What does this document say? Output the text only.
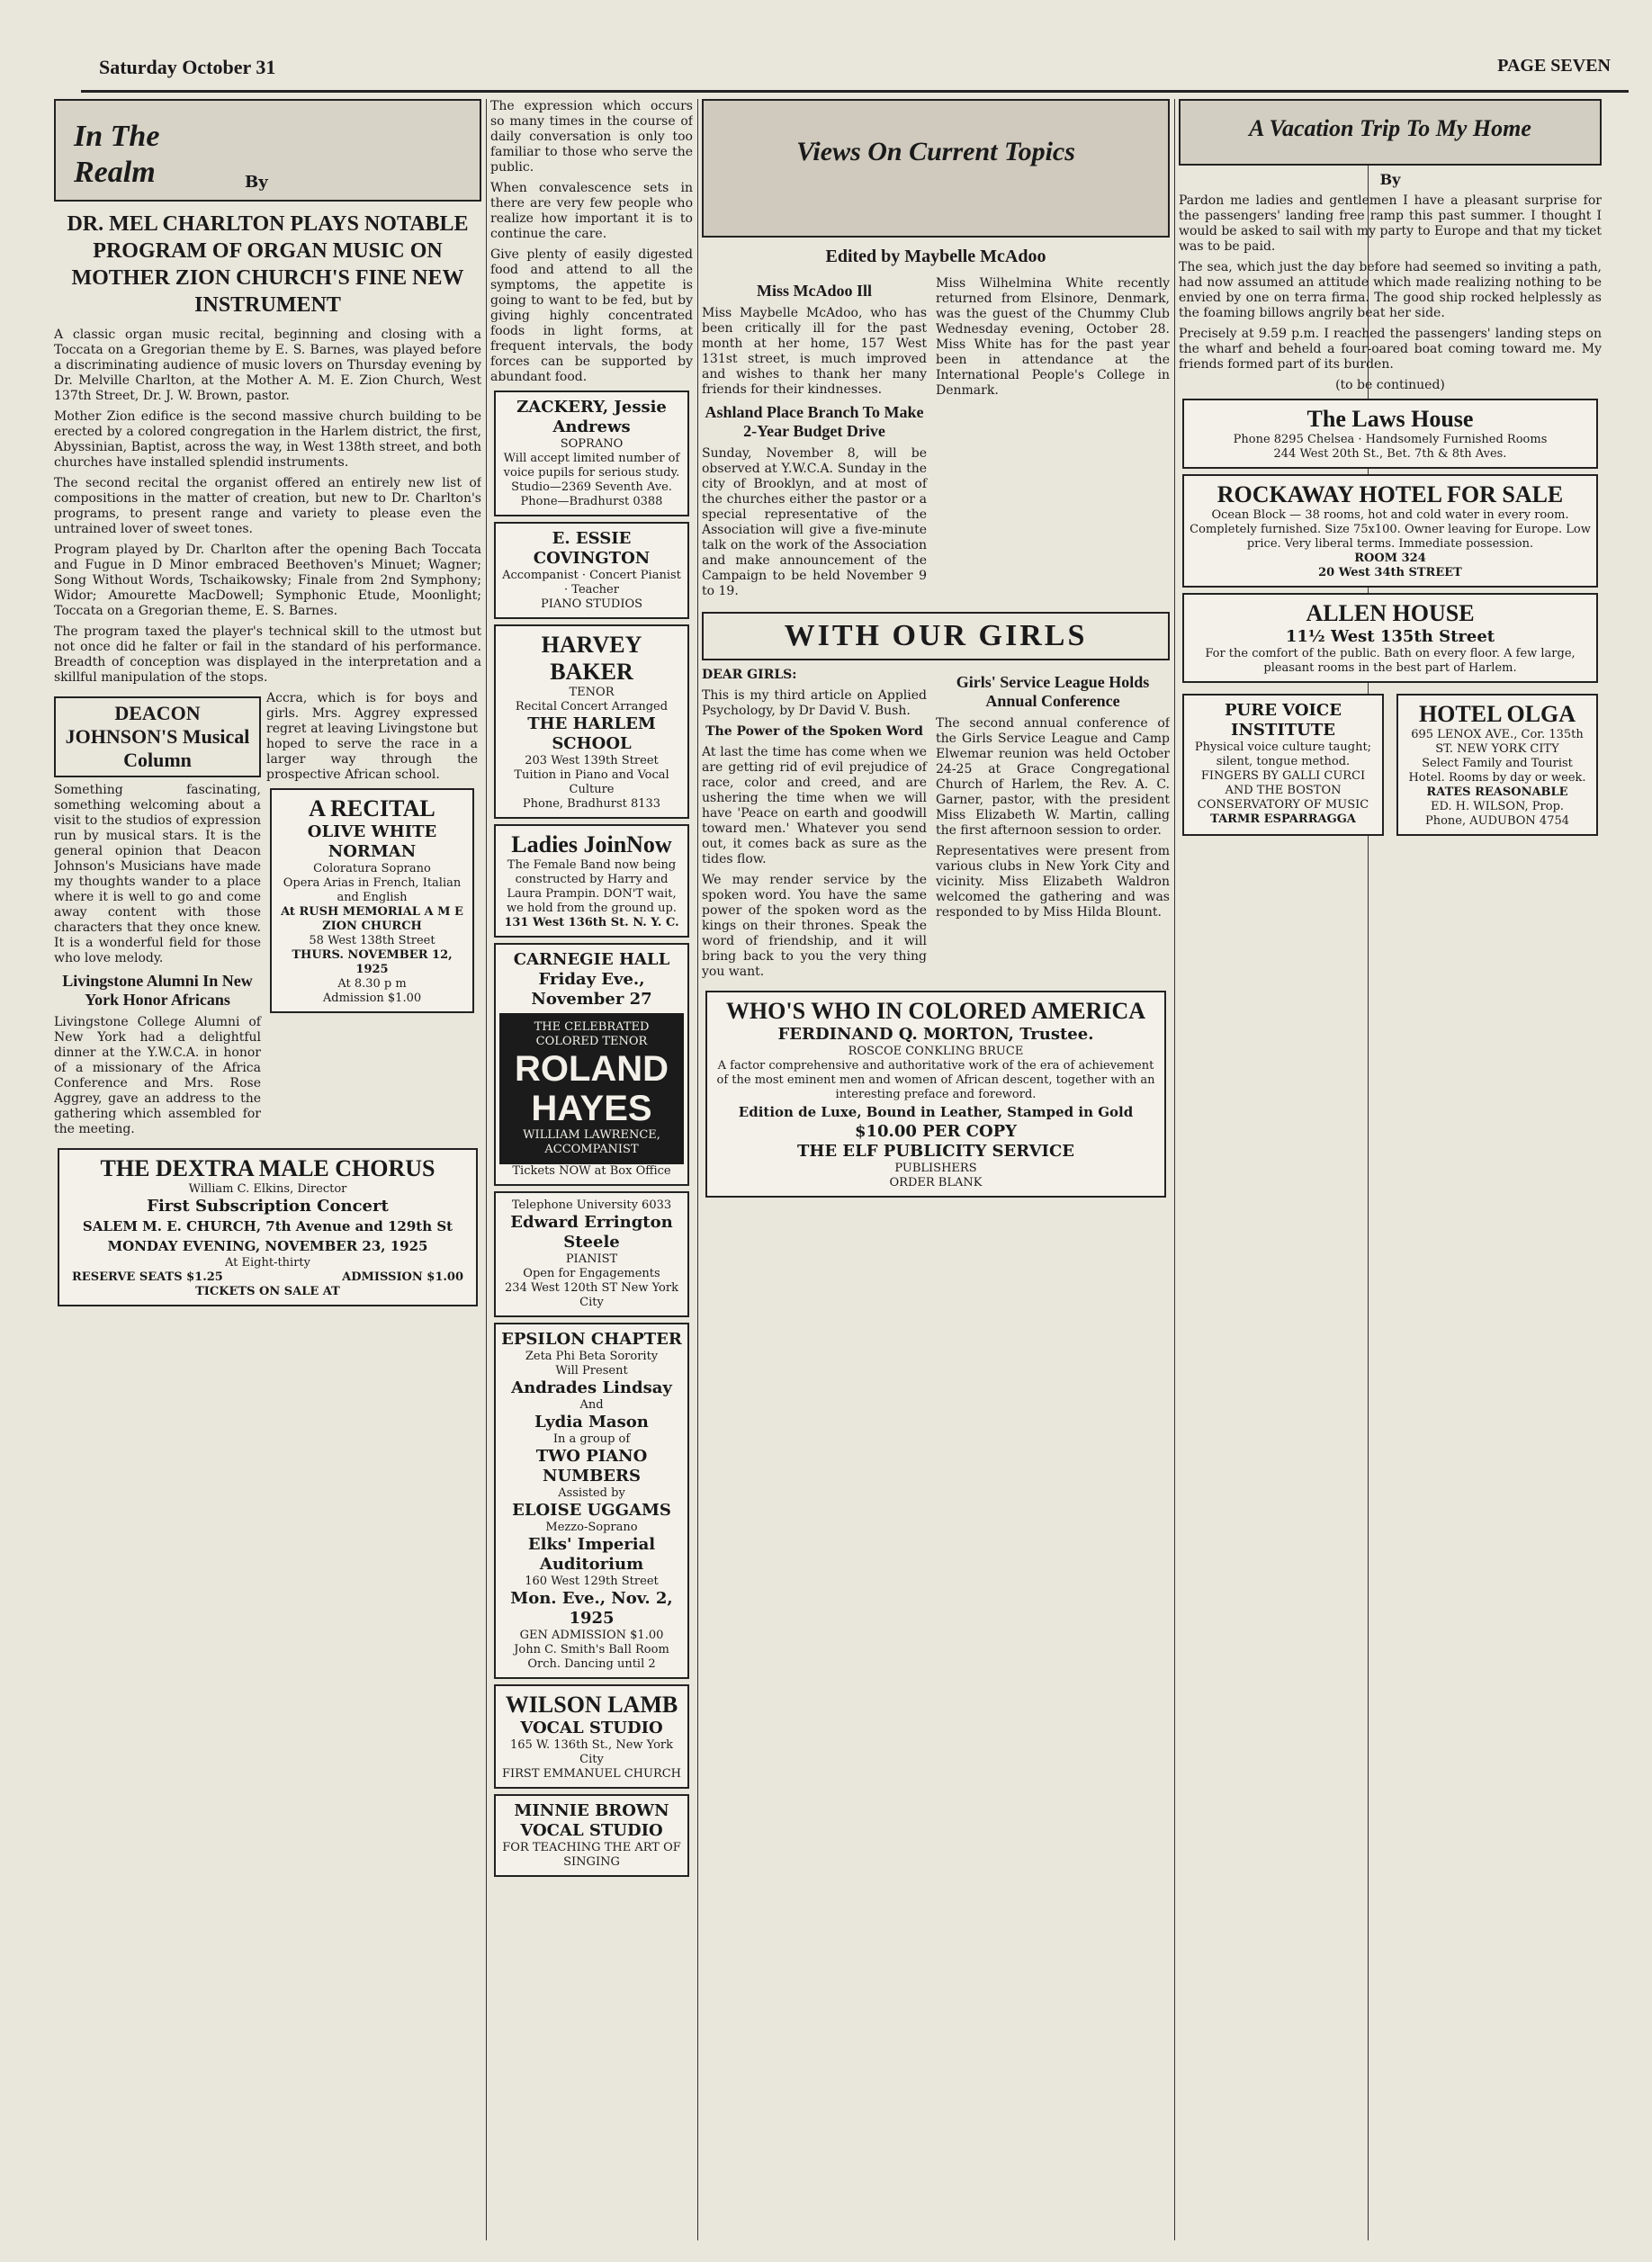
Saturday October 31	PAGE SEVEN
In The Realm	By
DR. MEL CHARLTON PLAYS NOTABLE PROGRAM OF ORGAN MUSIC ON MOTHER ZION CHURCH'S FINE NEW INSTRUMENT

A classic organ music recital, beginning and closing with a Toccata on a Gregorian theme by E. S. Barnes, was played before a discriminating audience of music lovers on Thursday evening by Dr. Melville Charlton, at the Mother A. M. E. Zion Church, West 137th Street, Dr. J. W. Brown, pastor.

Mother Zion edifice is the second massive church building to be erected by a colored congregation in the Harlem district, the first, Abyssinian, Baptist, across the way, in West 138th street, and both churches have installed splendid instruments.

The second recital the organist offered an entirely new list of compositions in the matter of creation, but new to Dr. Charlton's programs, to present range and variety to please even the untrained lover of sweet tones.

Program played by Dr. Charlton after the opening Bach Toccata and Fugue in D Minor embraced Beethoven's Minuet; Wagner; Song Without Words, Tschaikowsky; Finale from 2nd Symphony; Widor; Amourette MacDowell; Symphonic Etude, Moonlight; Toccata on a Gregorian theme, E. S. Barnes.

The program taxed the player's technical skill to the utmost but not once did he falter or fail in the standard of his performance. Breadth of conception was displayed in the interpretation and a skillful manipulation of the stops.

DEACON JOHNSON'S Musical Column

Something fascinating, something welcoming about a visit to the studios of expression run by musical stars. It is the general opinion that Deacon Johnson's Musicians have made my thoughts wander to a place where it is well to go and come away content with those characters that they once knew. It is a wonderful field for those who love melody.

Livingstone Alumni In New York Honor Africans

Livingstone College Alumni of New York had a delightful dinner at the Y.W.C.A. in honor of a missionary of the Africa Conference and Mrs. Rose Aggrey, gave an address to the gathering which assembled for the meeting.

Accra, which is for boys and girls. Mrs. Aggrey expressed regret at leaving Livingstone but hoped to serve the race in a larger way through the prospective African school.

A RECITAL
OLIVE WHITE NORMAN
Coloratura Soprano
Opera Arias in French, Italian and English
At RUSH MEMORIAL A M E ZION CHURCH
58 West 138th Street
THURS. NOVEMBER 12, 1925
At 8.30 p m
Admission $1.00
THE DEXTRA MALE CHORUS
William C. Elkins, Director
First Subscription Concert
SALEM M. E. CHURCH, 7th Avenue and 129th St
MONDAY EVENING, NOVEMBER 23, 1925
At Eight-thirty
RESERVE SEATS $1.25	ADMISSION $1.00
TICKETS ON SALE AT

The expression which occurs so many times in the course of daily conversation is only too familiar to those who serve the public.

When convalescence sets in there are very few people who realize how important it is to continue the care.

Give plenty of easily digested food and attend to all the symptoms, the appetite is going to want to be fed, but by giving highly concentrated foods in light forms, at frequent intervals, the body forces can be supported by abundant food.

ZACKERY, Jessie Andrews
SOPRANO
Will accept limited number of voice pupils for serious study.
Studio—2369 Seventh Ave.
Phone—Bradhurst 0388
E. ESSIE COVINGTON
Accompanist · Concert Pianist · Teacher
PIANO STUDIOS
HARVEY BAKER
TENOR
Recital Concert Arranged
THE HARLEM SCHOOL
203 West 139th Street
Tuition in Piano and Vocal Culture
Phone, Bradhurst 8133
Ladies JoinNow
The Female Band now being constructed by Harry and Laura Prampin. DON'T wait, we hold from the ground up.
131 West 136th St. N. Y. C.
CARNEGIE HALL
Friday Eve., November 27
THE CELEBRATED COLORED TENOR
ROLAND
HAYES
WILLIAM LAWRENCE, ACCOMPANIST
Tickets NOW at Box Office
Telephone University 6033
Edward Errington Steele
PIANIST
Open for Engagements
234 West 120th ST New York City
EPSILON CHAPTER
Zeta Phi Beta Sorority
Will Present
Andrades Lindsay
And
Lydia Mason
In a group of
TWO PIANO NUMBERS
Assisted by
ELOISE UGGAMS
Mezzo-Soprano
Elks' Imperial Auditorium
160 West 129th Street
Mon. Eve., Nov. 2, 1925
GEN ADMISSION $1.00
John C. Smith's Ball Room Orch. Dancing until 2
WILSON LAMB
VOCAL STUDIO
165 W. 136th St., New York City
FIRST EMMANUEL CHURCH
MINNIE BROWN
VOCAL STUDIO
FOR TEACHING THE ART OF SINGING
Views On Current Topics
Edited by Maybelle McAdoo
Miss McAdoo Ill

Miss Maybelle McAdoo, who has been critically ill for the past month at her home, 157 West 131st street, is much improved and wishes to thank her many friends for their kindnesses.

Ashland Place Branch To Make 2-Year Budget Drive

Sunday, November 8, will be observed at Y.W.C.A. Sunday in the city of Brooklyn, and at most of the churches either the pastor or a special representative of the Association will give a five-minute talk on the work of the Association and make announcement of the Campaign to be held November 9 to 19.

Miss Wilhelmina White recently returned from Elsinore, Denmark, was the guest of the Chummy Club Wednesday evening, October 28. Miss White has for the past year been in attendance at the International People's College in Denmark.

WITH OUR GIRLS

DEAR GIRLS:

This is my third article on Applied Psychology, by Dr David V. Bush.

The Power of the Spoken Word

At last the time has come when we are getting rid of evil prejudice of race, color and creed, and are ushering the time when we will have 'Peace on earth and goodwill toward men.' Whatever you send out, it comes back as sure as the tides flow.

We may render service by the spoken word. You have the same power of the spoken word as the kings on their thrones. Speak the word of friendship, and it will bring back to you the very thing you want.

Girls' Service League Holds Annual Conference

The second annual conference of the Girls Service League and Camp Elwemar reunion was held October 24-25 at Grace Congregational Church of Harlem, the Rev. A. C. Garner, pastor, with the president Miss Elizabeth W. Martin, calling the first afternoon session to order.

Representatives were present from various clubs in New York City and vicinity. Miss Elizabeth Waldron welcomed the gathering and was responded to by Miss Hilda Blount.

WHO'S WHO IN COLORED AMERICA
FERDINAND Q. MORTON, Trustee.
ROSCOE CONKLING BRUCE
A factor comprehensive and authoritative work of the era of achievement of the most eminent men and women of African descent, together with an interesting preface and foreword.
Edition de Luxe, Bound in Leather, Stamped in Gold
$10.00 PER COPY
THE ELF PUBLICITY SERVICE
PUBLISHERS
ORDER BLANK
A Vacation Trip To My Home
By

Pardon me ladies and gentlemen I have a pleasant surprise for the passengers' landing free ramp this past summer. I thought I would be asked to sail with my party to Europe and that my ticket was to be paid.

The sea, which just the day before had seemed so inviting a path, had now assumed an attitude which made realizing nothing to be envied by one on terra firma. The good ship rocked helplessly as the foaming billows angrily beat her side.

Precisely at 9.59 p.m. I reached the passengers' landing steps on the wharf and beheld a four-oared boat coming toward me. My friends formed part of its burden.

(to be continued)

The Laws House
Phone 8295 Chelsea · Handsomely Furnished Rooms
244 West 20th St., Bet. 7th & 8th Aves.
ROCKAWAY HOTEL FOR SALE
Ocean Block — 38 rooms, hot and cold water in every room. Completely furnished. Size 75x100. Owner leaving for Europe. Low price. Very liberal terms. Immediate possession.
ROOM 324
20 West 34th STREET
ALLEN HOUSE
11½ West 135th Street
For the comfort of the public. Bath on every floor. A few large, pleasant rooms in the best part of Harlem.
PURE VOICE INSTITUTE
Physical voice culture taught; silent, tongue method.
FINGERS BY GALLI CURCI AND THE BOSTON CONSERVATORY OF MUSIC
TARMR ESPARRAGGA
HOTEL OLGA
695 LENOX AVE., Cor. 135th ST. NEW YORK CITY
Select Family and Tourist Hotel. Rooms by day or week.
RATES REASONABLE
ED. H. WILSON, Prop.
Phone, AUDUBON 4754
